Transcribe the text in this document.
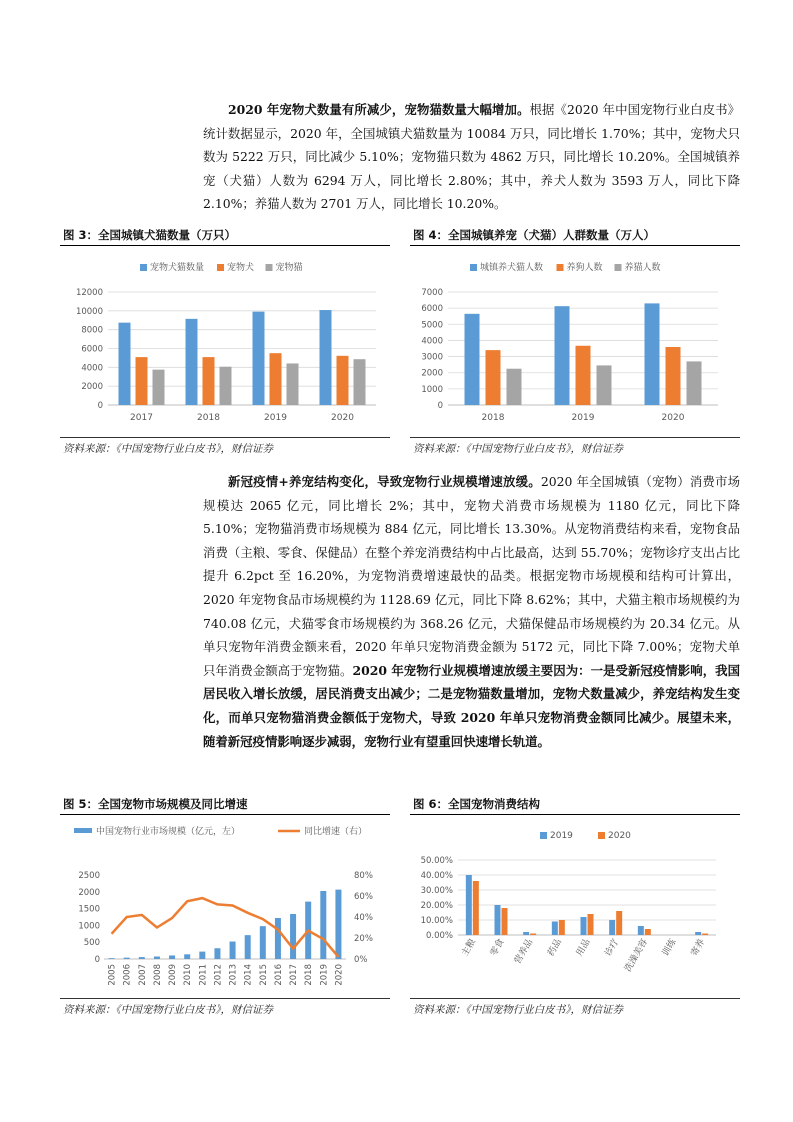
2020 年宠物犬数量有所减少，宠物猫数量大幅增加。根据《2020 年中国宠物行业白皮书》统计数据显示，2020 年，全国城镇犬猫数量为 10084 万只，同比增长 1.70%；其中，宠物犬只数为 5222 万只，同比减少 5.10%；宠物猫只数为 4862 万只，同比增长 10.20%。全国城镇养宠（犬猫）人数为 6294 万人，同比增长 2.80%；其中，养犬人数为 3593 万人，同比下降 2.10%；养猫人数为 2701 万人，同比增长 10.20%。
图 3：全国城镇犬猫数量（万只）	图 4：全国城镇养宠（犬猫）人群数量（万人）
宠物犬猫数量	宠物犬 宠物猫
0
2000
4000
6000
8000
10000
12000
2017	2018	2019	2020
城镇养犬猫人数	养狗人数 养猫人数
0
1000
2000
3000
4000
5000
6000
7000
2018	2019	2020
资料来源：《中国宠物行业白皮书》，财信证券	资料来源：《中国宠物行业白皮书》，财信证券
新冠疫情+养宠结构变化，导致宠物行业规模增速放缓。2020 年全国城镇（宠物）消费市场规模达 2065 亿元，同比增长 2%；其中，宠物犬消费市场规模为 1180 亿元，同比下降 5.10%；宠物猫消费市场规模为 884 亿元，同比增长 13.30%。从宠物消费结构来看，宠物食品消费（主粮、零食、保健品）在整个养宠消费结构中占比最高，达到 55.70%；宠物诊疗支出占比提升 6.2pct 至 16.20%，为宠物消费增速最快的品类。根据宠物市场规模和结构可计算出，2020 年宠物食品市场规模约为 1128.69 亿元，同比下降 8.62%；其中，犬猫主粮市场规模约为 740.08 亿元，犬猫零食市场规模约为 368.26 亿元，犬猫保健品市场规模约为 20.34 亿元。从单只宠物年消费金额来看，2020 年单只宠物消费金额为 5172 元，同比下降 7.00%；宠物犬单只年消费金额高于宠物猫。2020 年宠物行业规模增速放缓主要因为：一是受新冠疫情影响，我国居民收入增长放缓，居民消费支出减少；二是宠物猫数量增加，宠物犬数量减少，养宠结构发生变化，而单只宠物猫消费金额低于宠物犬，导致 2020 年单只宠物消费金额同比减少。展望未来，随着新冠疫情影响逐步减弱，宠物行业有望重回快速增长轨道。
图 5：全国宠物市场规模及同比增速	图 6：全国宠物消费结构
中国宠物行业市场规模（亿元，左）	同比增速（右）
0
500
1000
1500
2000
2500
0%
20%
40%
60%
80%
2005 2006 2007 2008 2009 2010 2011 2012 2013 2014 2015 2016 2017 2018 2019 2020
2019	2020
0.00%
10.00%
20.00%
30.00%
40.00%
50.00%
主粮 零食 营养品 药品 用品 诊疗 洗澡美容 训练 寄养
资料来源：《中国宠物行业白皮书》，财信证券	资料来源：《中国宠物行业白皮书》，财信证券
